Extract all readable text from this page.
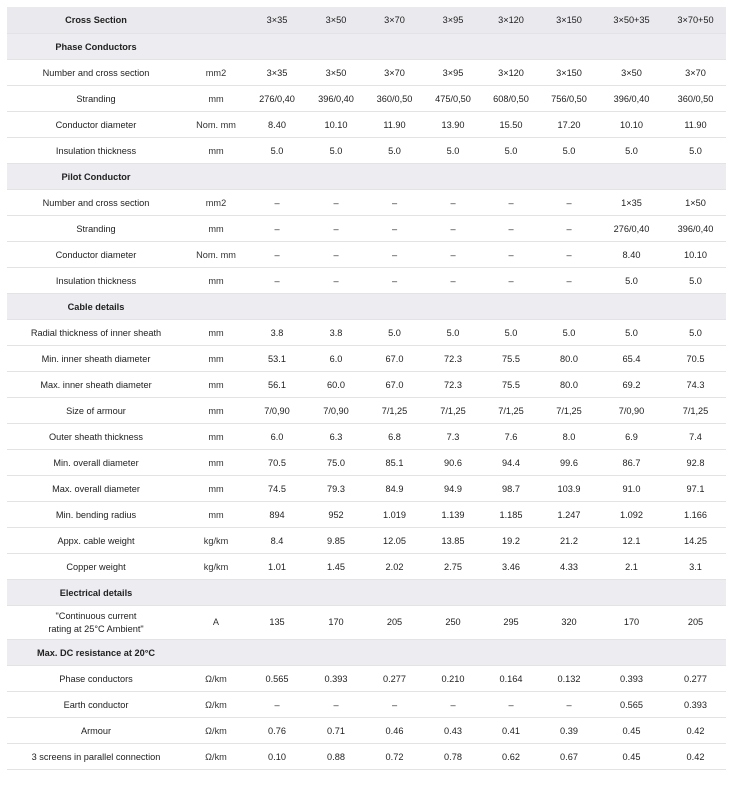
Cross Section		3×35	3×50	3×70	3×95	3×120	3×150	3×50+35	3×70+50
Phase Conductors									
Number and cross section	mm2	3×35	3×50	3×70	3×95	3×120	3×150	3×50	3×70
Stranding	mm	276/0,40	396/0,40	360/0,50	475/0,50	608/0,50	756/0,50	396/0,40	360/0,50
Conductor diameter	Nom. mm	8.40	10.10	11.90	13.90	15.50	17.20	10.10	11.90
Insulation thickness	mm	5.0	5.0	5.0	5.0	5.0	5.0	5.0	5.0
Pilot Conductor									
Number and cross section	mm2	–	–	–	–	–	–	1×35	1×50
Stranding	mm	–	–	–	–	–	–	276/0,40	396/0,40
Conductor diameter	Nom. mm	–	–	–	–	–	–	8.40	10.10
Insulation thickness	mm	–	–	–	–	–	–	5.0	5.0
Cable details									
Radial thickness of inner sheath	mm	3.8	3.8	5.0	5.0	5.0	5.0	5.0	5.0
Min. inner sheath diameter	mm	53.1	6.0	67.0	72.3	75.5	80.0	65.4	70.5
Max. inner sheath diameter	mm	56.1	60.0	67.0	72.3	75.5	80.0	69.2	74.3
Size of armour	mm	7/0,90	7/0,90	7/1,25	7/1,25	7/1,25	7/1,25	7/0,90	7/1,25
Outer sheath thickness	mm	6.0	6.3	6.8	7.3	7.6	8.0	6.9	7.4
Min. overall diameter	mm	70.5	75.0	85.1	90.6	94.4	99.6	86.7	92.8
Max. overall diameter	mm	74.5	79.3	84.9	94.9	98.7	103.9	91.0	97.1
Min. bending radius	mm	894	952	1.019	1.139	1.185	1.247	1.092	1.166
Appx. cable weight	kg/km	8.4	9.85	12.05	13.85	19.2	21.2	12.1	14.25
Copper weight	kg/km	1.01	1.45	2.02	2.75	3.46	4.33	2.1	3.1
Electrical details									

"Continuous current
rating at 25°C Ambient"	A	135	170	205	250	295	320	170	205
Max. DC resistance at 20°C									
Phase conductors	Ω/km	0.565	0.393	0.277	0.210	0.164	0.132	0.393	0.277
Earth conductor	Ω/km	–	–	–	–	–	–	0.565	0.393
Armour	Ω/km	0.76	0.71	0.46	0.43	0.41	0.39	0.45	0.42
3 screens in parallel connection	Ω/km	0.10	0.88	0.72	0.78	0.62	0.67	0.45	0.42
